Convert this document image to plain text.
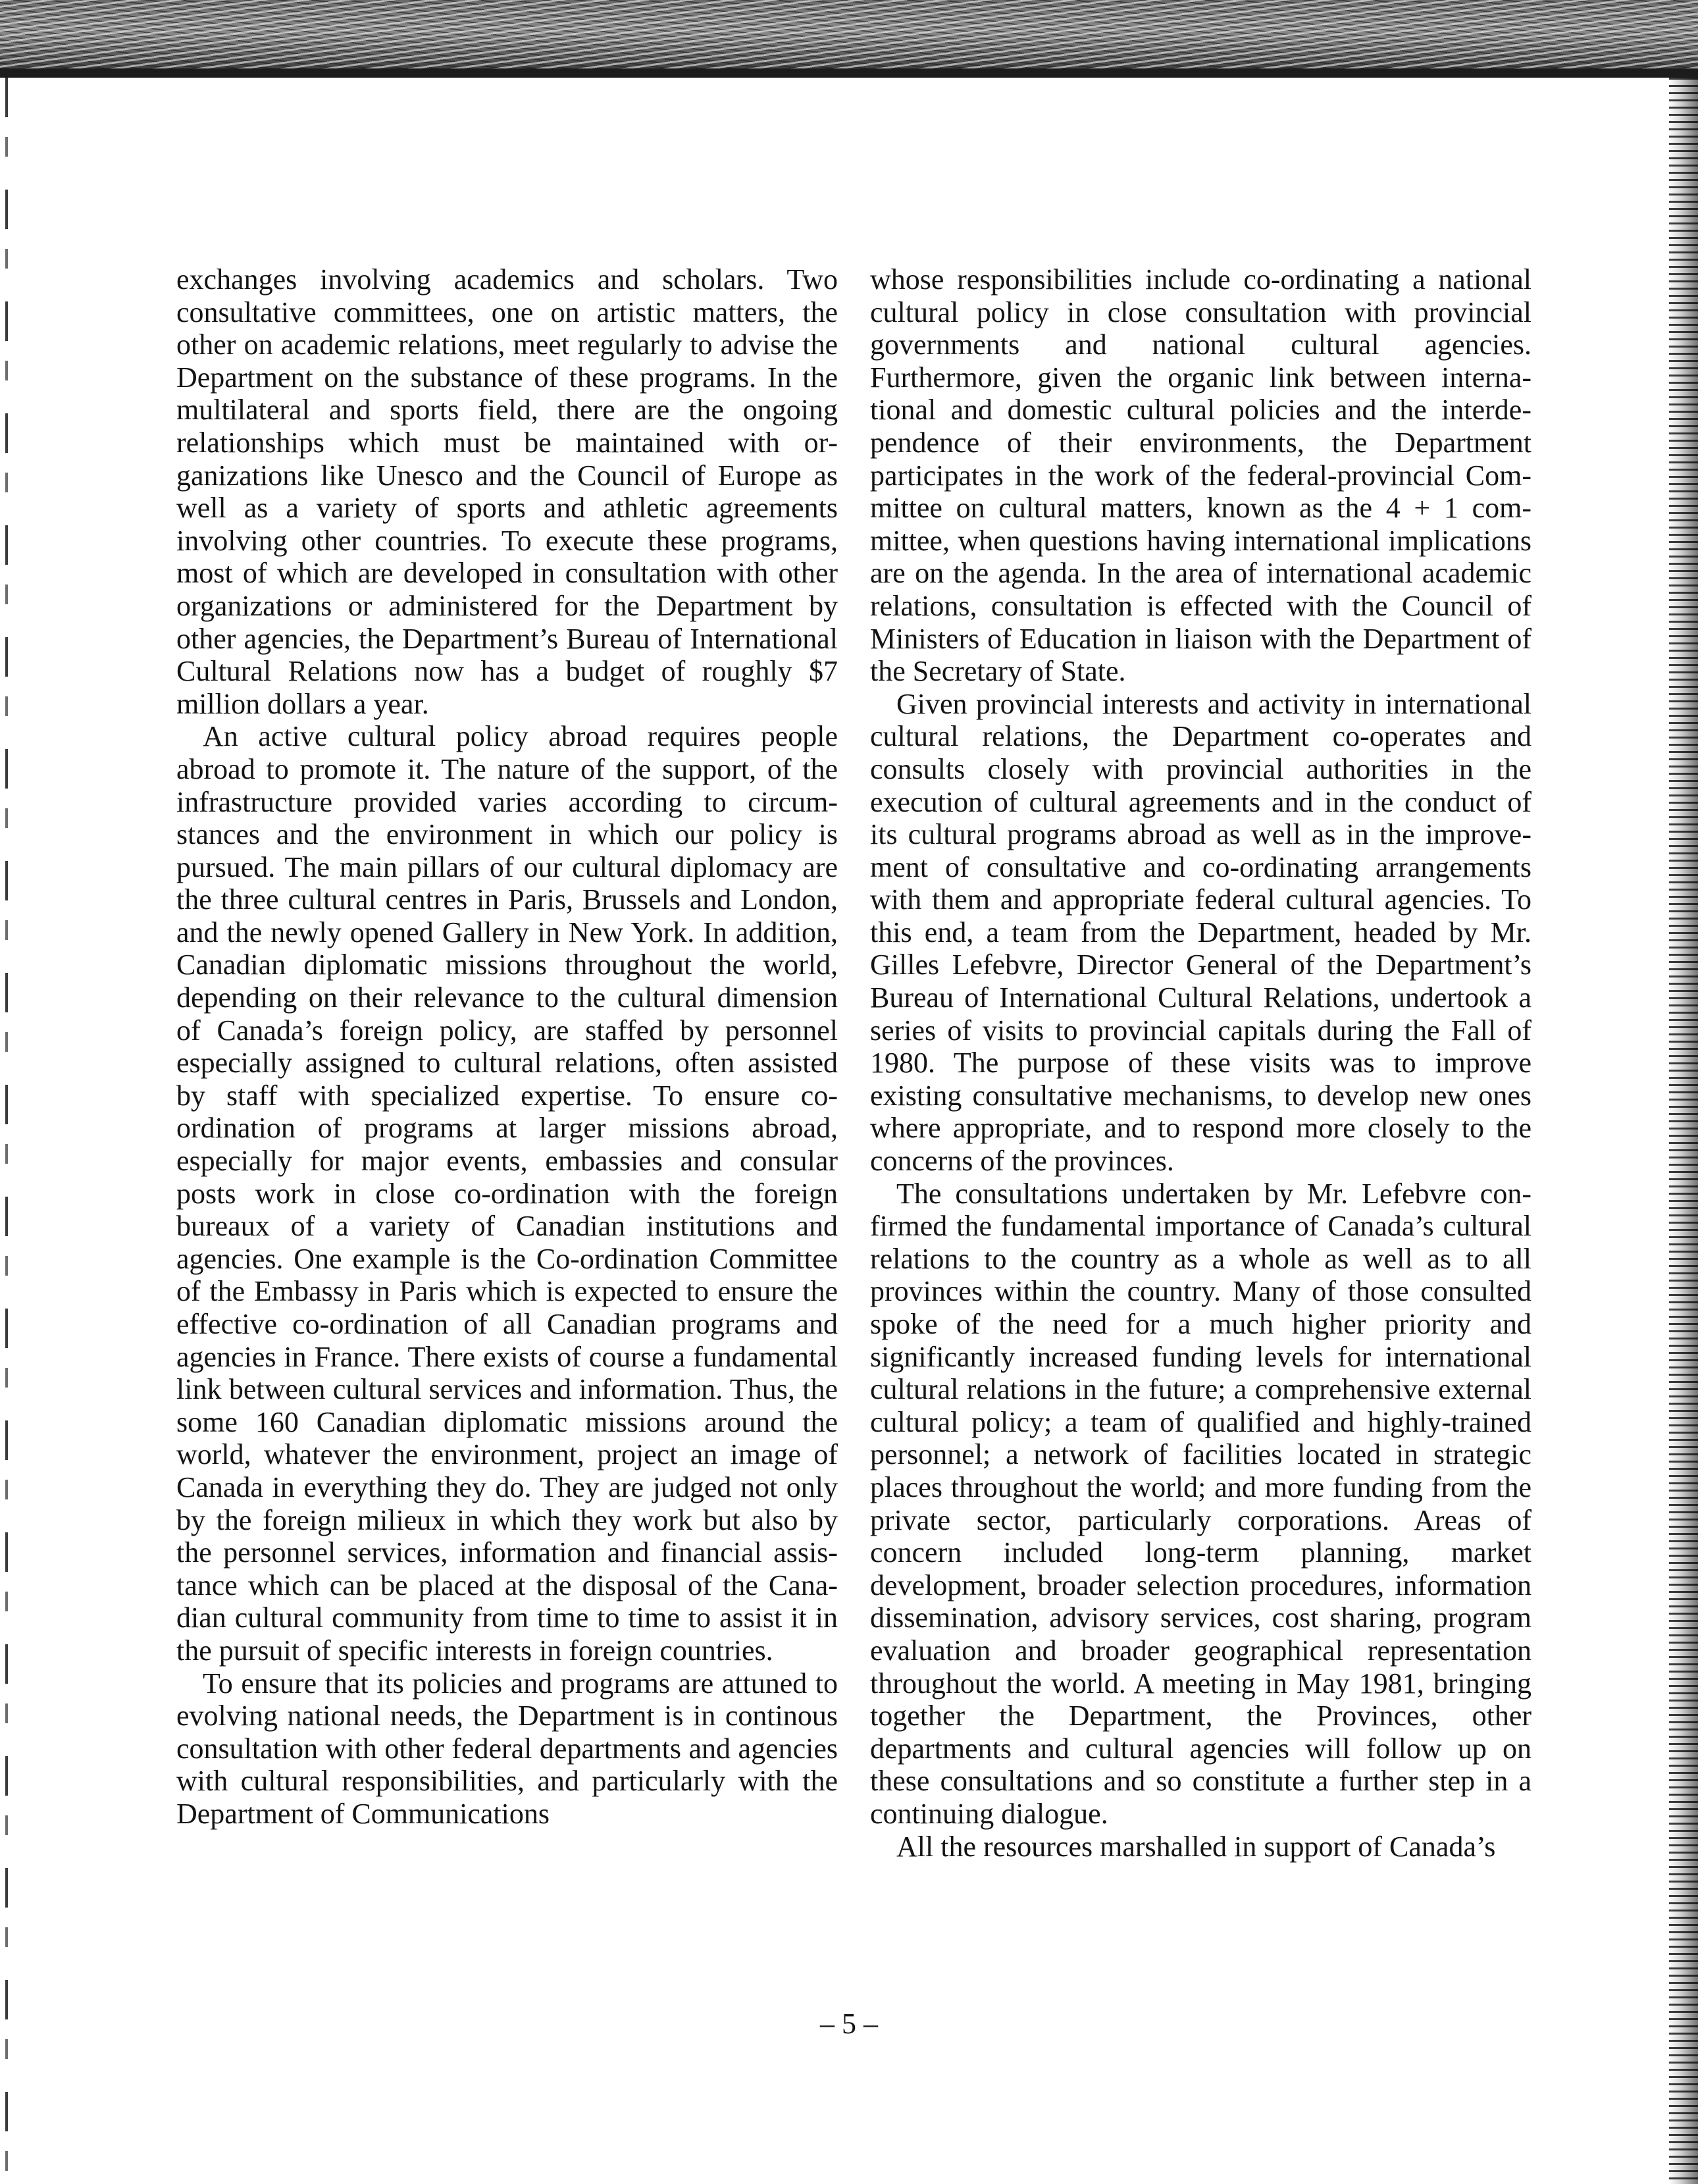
exchanges involving academics and scholars. Two consultative committees, one on artistic matters, the other on academic relations, meet regularly to advise the Department on the substance of these programs. In the multilateral and sports field, there are the ongoing relationships which must be maintained with organizations like Unesco and the Council of Europe as well as a variety of sports and athletic agreements involving other countries. To execute these programs, most of which are developed in consultation with other organizations or administered for the Department by other agencies, the Department’s Bureau of International Cultural Relations now has a budget of roughly $7 million dollars a year.

An active cultural policy abroad requires people abroad to promote it. The nature of the support, of the infrastructure provided varies according to circumstances and the environment in which our policy is pursued. The main pillars of our cultural diplomacy are the three cultural centres in Paris, Brussels and London, and the newly opened Gallery in New York. In addition, Canadian diplomatic missions throughout the world, depending on their relevance to the cultural dimension of Canada’s foreign policy, are staffed by personnel especially assigned to cultural relations, often assisted by staff with specialized expertise. To ensure co-ordination of programs at larger missions abroad, especially for major events, embassies and consular posts work in close co-ordination with the foreign bureaux of a variety of Canadian institutions and agencies. One example is the Co-ordination Committee of the Embassy in Paris which is expected to ensure the effective co-ordination of all Canadian programs and agencies in France. There exists of course a fundamental link between cultural services and information. Thus, the some 160 Canadian diplomatic missions around the world, whatever the environment, project an image of Canada in everything they do. They are judged not only by the foreign milieux in which they work but also by the personnel services, information and financial assistance which can be placed at the disposal of the Canadian cultural community from time to time to assist it in the pursuit of specific interests in foreign countries.

To ensure that its policies and programs are attuned to evolving national needs, the Department is in continous consultation with other federal departments and agencies with cultural responsibilities, and particularly with the Department of Communications

whose responsibilities include co-ordinating a national cultural policy in close consultation with provincial governments and national cultural agencies. Furthermore, given the organic link between international and domestic cultural policies and the interdependence of their environments, the Department participates in the work of the federal-provincial Committee on cultural matters, known as the 4 + 1 committee, when questions having international implications are on the agenda. In the area of international academic relations, consultation is effected with the Council of Ministers of Education in liaison with the Department of the Secretary of State.

Given provincial interests and activity in international cultural relations, the Department co-operates and consults closely with provincial authorities in the execution of cultural agreements and in the conduct of its cultural programs abroad as well as in the improvement of consultative and co-ordinating arrangements with them and appropriate federal cultural agencies. To this end, a team from the Department, headed by Mr. Gilles Lefebvre, Director General of the Department’s Bureau of International Cultural Relations, undertook a series of visits to provincial capitals during the Fall of 1980. The purpose of these visits was to improve existing consultative mechanisms, to develop new ones where appropriate, and to respond more closely to the concerns of the provinces.

The consultations undertaken by Mr. Lefebvre confirmed the fundamental importance of Canada’s cultural relations to the country as a whole as well as to all provinces within the country. Many of those consulted spoke of the need for a much higher priority and significantly increased funding levels for international cultural relations in the future; a comprehensive external cultural policy; a team of qualified and highly-trained personnel; a network of facilities located in strategic places throughout the world; and more funding from the private sector, particularly corporations. Areas of concern included long-term planning, market development, broader selection procedures, information dissemination, advisory services, cost sharing, program evaluation and broader geographical representation throughout the world. A meeting in May 1981, bringing together the Department, the Provinces, other departments and cultural agencies will follow up on these consultations and so constitute a further step in a continuing dialogue.

All the resources marshalled in support of Canada’s

– 5 –
